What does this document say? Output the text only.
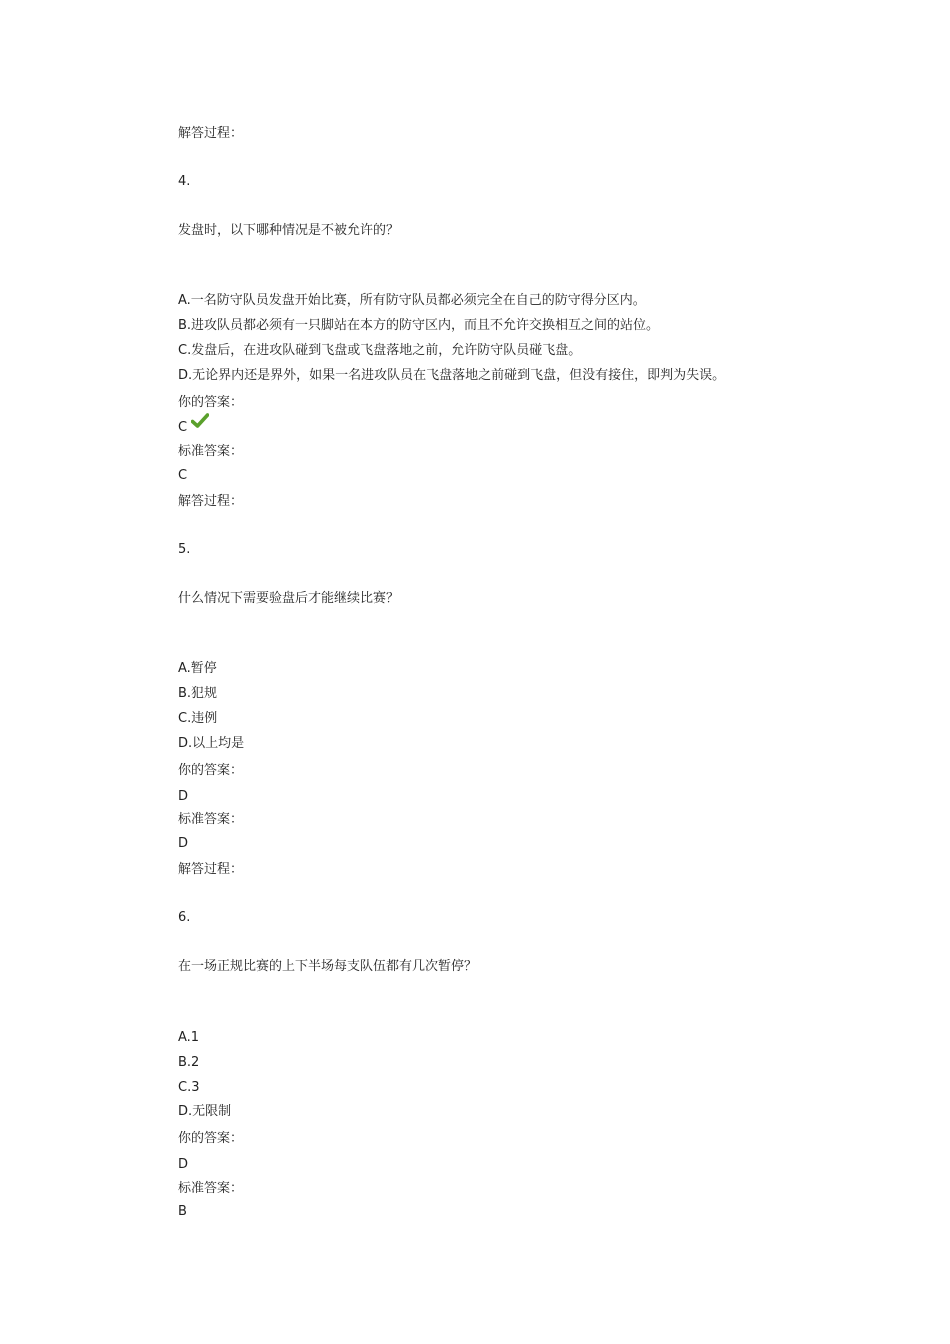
解答过程：
4.
发盘时，以下哪种情况是不被允许的？
A.一名防守队员发盘开始比赛，所有防守队员都必须完全在自己的防守得分区内。
B.进攻队员都必须有一只脚站在本方的防守区内，而且不允许交换相互之间的站位。
C.发盘后，在进攻队碰到飞盘或飞盘落地之前，允许防守队员碰飞盘。
D.无论界内还是界外，如果一名进攻队员在飞盘落地之前碰到飞盘，但没有接住，即判为失误。
你的答案：
C
标准答案：
C
解答过程：
5.
什么情况下需要验盘后才能继续比赛？
A.暂停
B.犯规
C.违例
D.以上均是
你的答案：
D
标准答案：
D
解答过程：
6.
在一场正规比赛的上下半场每支队伍都有几次暂停？
A.1
B.2
C.3
D.无限制
你的答案：
D
标准答案：
B
